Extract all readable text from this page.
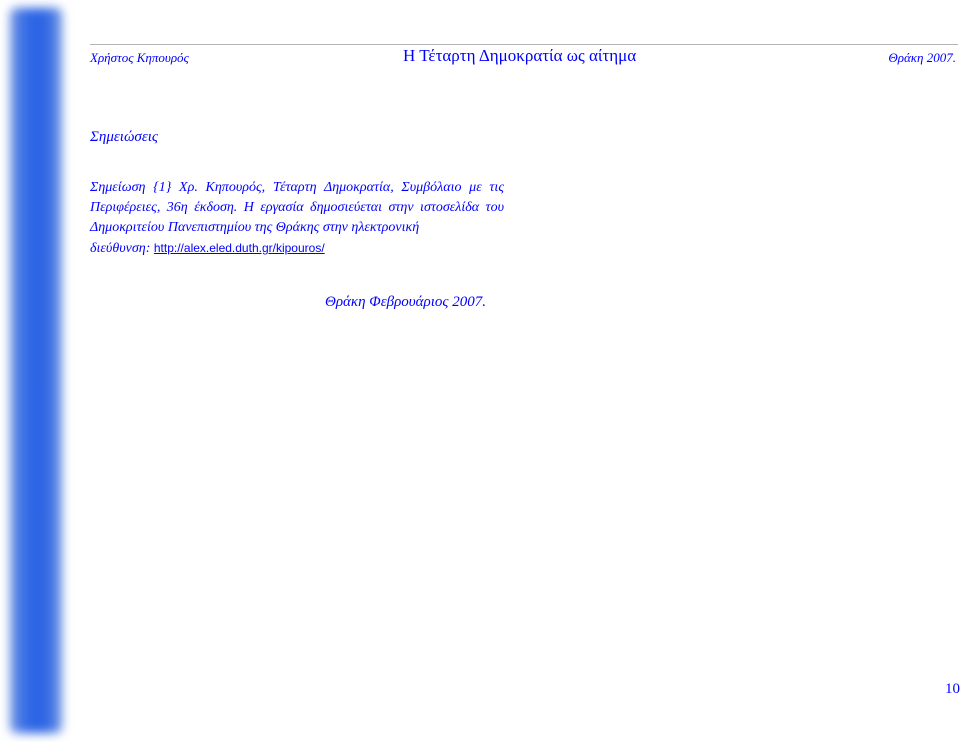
Χρήστος Κηπουρός	Η Τέταρτη Δημοκρατία ως αίτημα	Θράκη 2007.
Σημειώσεις
Σημείωση {1} Χρ. Κηπουρός, Τέταρτη Δημοκρατία, Συμβόλαιο με τις Περιφέρειες, 36η έκδοση. Η εργασία δημοσιεύεται στην ιστοσελίδα του Δημοκριτείου Πανεπιστημίου της Θράκης στην ηλεκτρονική
διεύθυνση: http://alex.eled.duth.gr/kipouros/
Θράκη Φεβρουάριος 2007.
10
